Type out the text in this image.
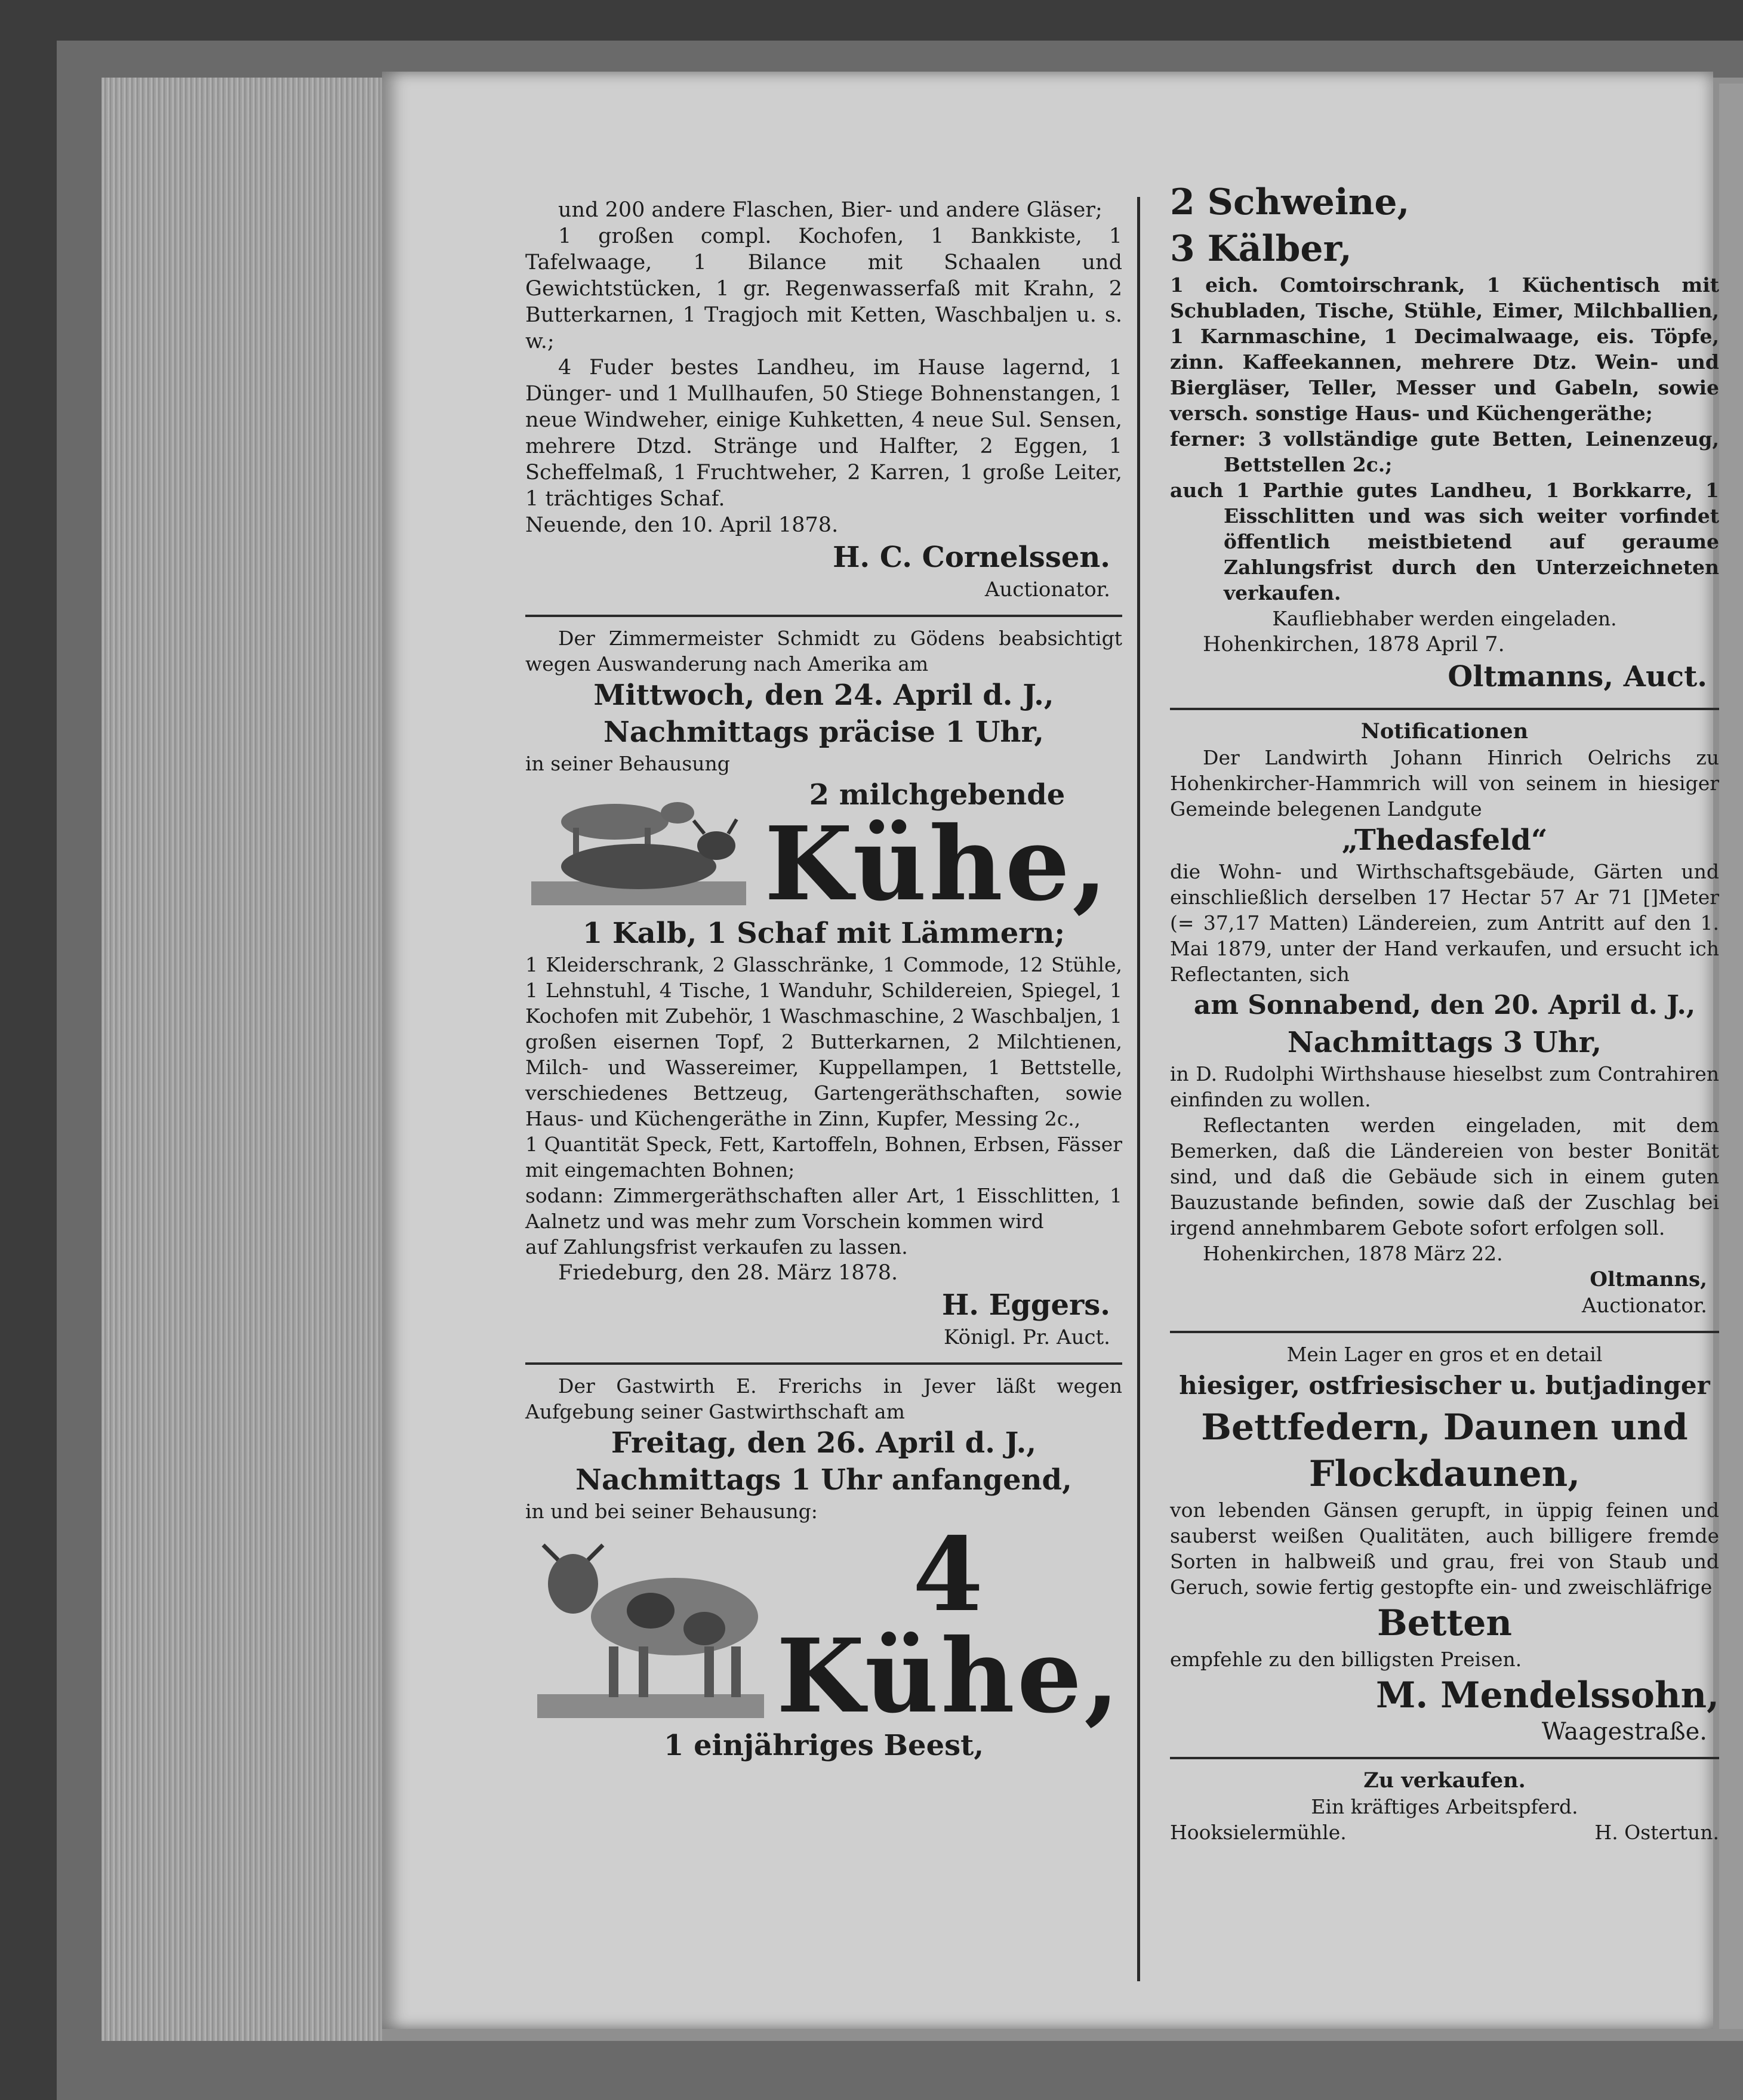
und 200 andere Flaschen, Bier- und andere Gläser;

1 großen compl. Kochofen, 1 Bankkiste, 1 Tafelwaage, 1 Bilance mit Schaalen und Gewichtstücken, 1 gr. Regenwasserfaß mit Krahn, 2 Butterkarnen, 1 Tragjoch mit Ketten, Waschbaljen u. s. w.;

4 Fuder bestes Landheu, im Hause lagernd, 1 Dünger- und 1 Mullhaufen, 50 Stiege Bohnenstangen, 1 neue Windweher, einige Kuhketten, 4 neue Sul. Sensen, mehrere Dtzd. Stränge und Halfter, 2 Eggen, 1 Scheffelmaß, 1 Fruchtweher, 2 Karren, 1 große Leiter, 1 trächtiges Schaf.

Neuende, den 10. April 1878.

H. C. Cornelssen.
Auctionator.

Der Zimmermeister Schmidt zu Gödens beabsichtigt wegen Auswanderung nach Amerika am

Mittwoch, den 24. April d. J.,
Nachmittags präcise 1 Uhr,

in seiner Behausung

2 milchgebende
Kühe,
1 Kalb, 1 Schaf mit Lämmern;

1 Kleiderschrank, 2 Glasschränke, 1 Commode, 12 Stühle, 1 Lehnstuhl, 4 Tische, 1 Wanduhr, Schildereien, Spiegel, 1 Kochofen mit Zubehör, 1 Waschmaschine, 2 Waschbaljen, 1 großen eisernen Topf, 2 Butterkarnen, 2 Milchtienen, Milch- und Wassereimer, Kuppellampen, 1 Bettstelle, verschiedenes Bettzeug, Gartengeräthschaften, sowie Haus- und Küchengeräthe in Zinn, Kupfer, Messing 2c.,

1 Quantität Speck, Fett, Kartoffeln, Bohnen, Erbsen, Fässer mit eingemachten Bohnen;

sodann: Zimmergeräthschaften aller Art, 1 Eisschlitten, 1 Aalnetz und was mehr zum Vorschein kommen wird

auf Zahlungsfrist verkaufen zu lassen.

Friedeburg, den 28. März 1878.

H. Eggers.
Königl. Pr. Auct.

Der Gastwirth E. Frerichs in Jever läßt wegen Aufgebung seiner Gastwirthschaft am

Freitag, den 26. April d. J.,
Nachmittags 1 Uhr anfangend,

in und bei seiner Behausung:

4
Kühe,
1 einjähriges Beest,
2 Schweine,
3 Kälber,

1 eich. Comtoirschrank, 1 Küchentisch mit Schubladen, Tische, Stühle, Eimer, Milchballien, 1 Karnmaschine, 1 Decimalwaage, eis. Töpfe, zinn. Kaffeekannen, mehrere Dtz. Wein- und Biergläser, Teller, Messer und Gabeln, sowie versch. sonstige Haus- und Küchengeräthe;

ferner: 3 vollständige gute Betten, Leinenzeug, Bettstellen 2c.;

auch 1 Parthie gutes Landheu, 1 Borkkarre, 1 Eisschlitten und was sich weiter vorfindet öffentlich meistbietend auf geraume Zahlungsfrist durch den Unterzeichneten verkaufen.

Kaufliebhaber werden eingeladen.

Hohenkirchen, 1878 April 7.

Oltmanns, Auct.
Notificationen

Der Landwirth Johann Hinrich Oelrichs zu Hohenkircher-Hammrich will von seinem in hiesiger Gemeinde belegenen Landgute

„Thedasfeld“

die Wohn- und Wirthschaftsgebäude, Gärten und einschließlich derselben 17 Hectar 57 Ar 71 []Meter (= 37,17 Matten) Ländereien, zum Antritt auf den 1. Mai 1879, unter der Hand verkaufen, und ersucht ich Reflectanten, sich

am Sonnabend, den 20. April d. J.,
Nachmittags 3 Uhr,

in D. Rudolphi Wirthshause hieselbst zum Contrahiren einfinden zu wollen.

Reflectanten werden eingeladen, mit dem Bemerken, daß die Ländereien von bester Bonität sind, und daß die Gebäude sich in einem guten Bauzustande befinden, sowie daß der Zuschlag bei irgend annehmbarem Gebote sofort erfolgen soll.

Hohenkirchen, 1878 März 22.

Oltmanns,
Auctionator.
Mein Lager en gros et en detail
hiesiger, ostfriesischer u. butjadinger
Bettfedern, Daunen und
Flockdaunen,

von lebenden Gänsen gerupft, in üppig feinen und sauberst weißen Qualitäten, auch billigere fremde Sorten in halbweiß und grau, frei von Staub und Geruch, sowie fertig gestopfte ein- und zweischläfrige

Betten

empfehle zu den billigsten Preisen.

M. Mendelssohn,
Waagestraße.
Zu verkaufen.
Ein kräftiges Arbeitspferd.
Hooksielermühle.	H. Ostertun.
